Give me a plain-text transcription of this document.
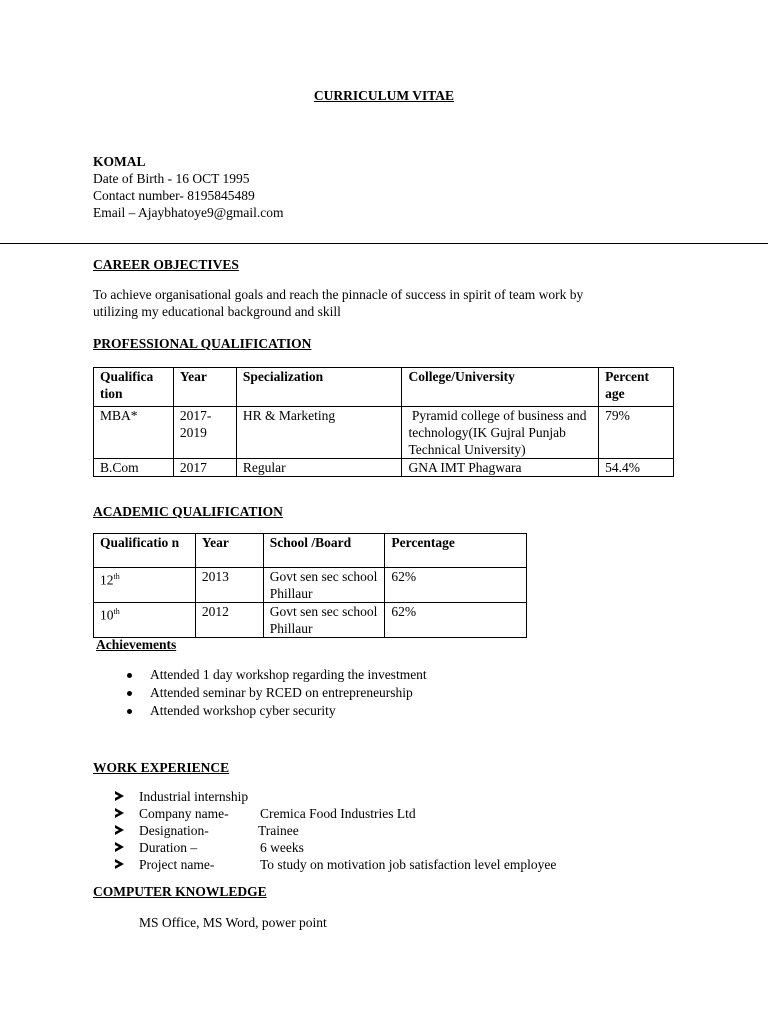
CURRICULUM VITAE
KOMAL
Date of Birth - 16 OCT 1995
Contact number- 8195845489
Email – Ajaybhatoye9@gmail.com
CAREER OBJECTIVES
To achieve organisational goals and reach the pinnacle of success in spirit of team work by
utilizing my educational background and skill
PROFESSIONAL QUALIFICATION
Qualifica tion	Year	Specialization	College/University	Percent age
MBA*	2017- 2019	HR & Marketing	Pyramid college of business and technology(IK Gujral Punjab Technical University)	79%
B.Com	2017	Regular	GNA IMT Phagwara	54.4%
ACADEMIC QUALIFICATION
Qualificatio n	Year	School /Board	Percentage
12th	2013	Govt sen sec school Phillaur	62%
10th	2012	Govt sen sec school Phillaur	62%
Achievements
Attended 1 day workshop regarding the investment
Attended seminar by RCED on entrepreneurship
Attended workshop cyber security
WORK EXPERIENCE
Industrial internship
Company name- Cremica Food Industries Ltd
Designation-	Trainee
Duration –	6 weeks
Project name-	To study on motivation job satisfaction level employee
COMPUTER KNOWLEDGE
MS Office, MS Word, power point
